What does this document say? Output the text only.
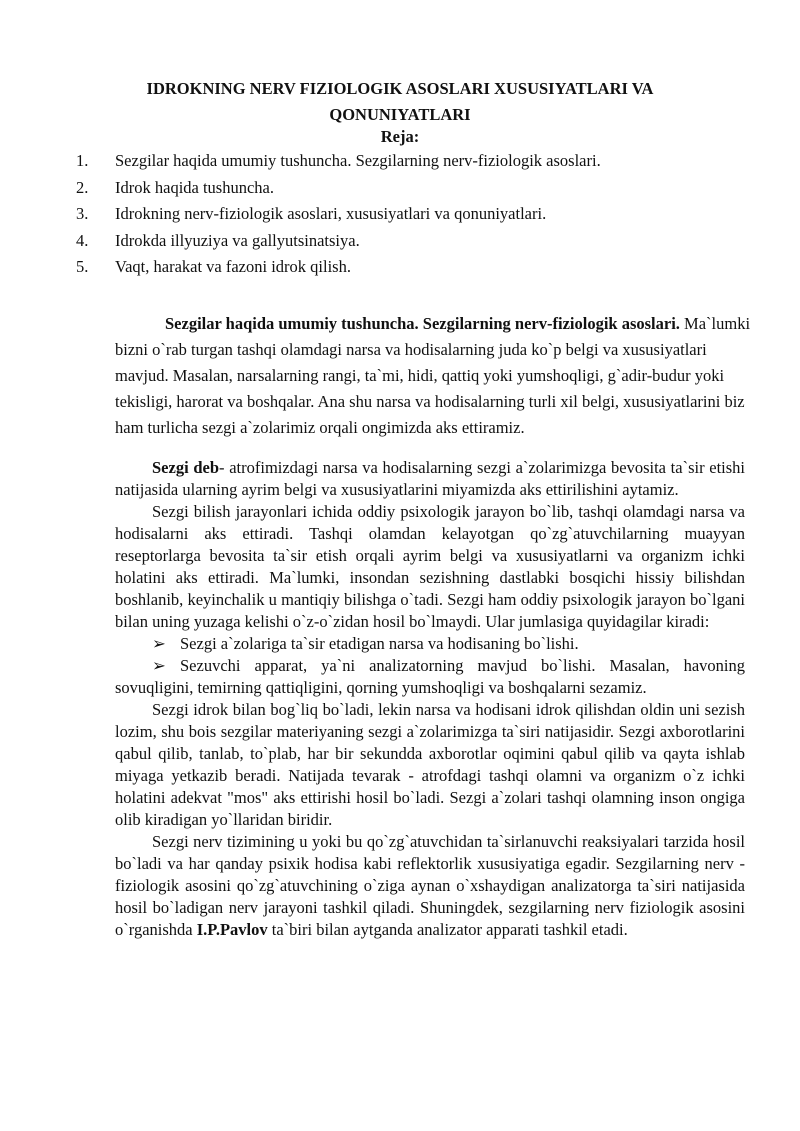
IDROKNING NERV FIZIOLOGIK ASOSLARI XUSUSIYATLARI VA
QONUNIYATLARI
Reja:
1. Sezgilar haqida umumiy tushuncha. Sezgilarning nerv-fiziologik asoslari.
2. Idrok haqida tushuncha.
3. Idrokning nerv-fiziologik asoslari, xususiyatlari va qonuniyatlari.
4. Idrokda illyuziya va gallyutsinatsiya.
5. Vaqt, harakat va fazoni idrok qilish.

Sezgilar haqida umumiy tushuncha. Sezgilarning nerv-fiziologik asoslari. Ma`lumki bizni o`rab turgan tashqi olamdagi narsa va hodisalarning juda ko`p belgi va xususiyatlari mavjud. Masalan, narsalarning rangi, ta`mi, hidi, qattiq yoki yumshoqligi, g`adir-budur yoki tekisligi, harorat va boshqalar. Ana shu narsa va hodisalarning turli xil belgi, xususiyatlarini biz ham turlicha sezgi a`zolarimiz orqali ongimizda aks ettiramiz.

Sezgi deb- atrofimizdagi narsa va hodisalarning sezgi a`zolarimizga bevosita ta`sir etishi natijasida ularning ayrim belgi va xususiyatlarini miyamizda aks ettirilishini aytamiz.

Sezgi bilish jarayonlari ichida oddiy psixologik jarayon bo`lib, tashqi olamdagi narsa va hodisalarni aks ettiradi. Tashqi olamdan kelayotgan qo`zg`atuvchilarning muayyan reseptorlarga bevosita ta`sir etish orqali ayrim belgi va xususiyatlarni va organizm ichki holatini aks ettiradi. Ma`lumki, insondan sezishning dastlabki bosqichi hissiy bilishdan boshlanib, keyinchalik u mantiqiy bilishga o`tadi. Sezgi ham oddiy psixologik jarayon bo`lgani bilan uning yuzaga kelishi o`z-o`zidan hosil bo`lmaydi. Ular jumlasiga quyidagilar kiradi:

➢ Sezgi a`zolariga ta`sir etadigan narsa va hodisaning bo`lishi.

➢ Sezuvchi apparat, ya`ni analizatorning mavjud bo`lishi. Masalan, havoning sovuqligini, temirning qattiqligini, qorning yumshoqligi va boshqalarni sezamiz.

Sezgi idrok bilan bog`liq bo`ladi, lekin narsa va hodisani idrok qilishdan oldin uni sezish lozim, shu bois sezgilar materiyaning sezgi a`zolarimizga ta`siri natijasidir. Sezgi axborotlarini qabul qilib, tanlab, to`plab, har bir sekundda axborotlar oqimini qabul qilib va qayta ishlab miyaga yetkazib beradi. Natijada tevarak - atrofdagi tashqi olamni va organizm o`z ichki holatini adekvat "mos" aks ettirishi hosil bo`ladi. Sezgi a`zolari tashqi olamning inson ongiga olib kiradigan yo`llaridan biridir.

Sezgi nerv tizimining u yoki bu qo`zg`atuvchidan ta`sirlanuvchi reaksiyalari tarzida hosil bo`ladi va har qanday psixik hodisa kabi reflektorlik xususiyatiga egadir. Sezgilarning nerv - fiziologik asosini qo`zg`atuvchining o`ziga aynan o`xshaydigan analizatorga ta`siri natijasida hosil bo`ladigan nerv jarayoni tashkil qiladi. Shuningdek, sezgilarning nerv fiziologik asosini o`rganishda I.P.Pavlov ta`biri bilan aytganda analizator apparati tashkil etadi.
